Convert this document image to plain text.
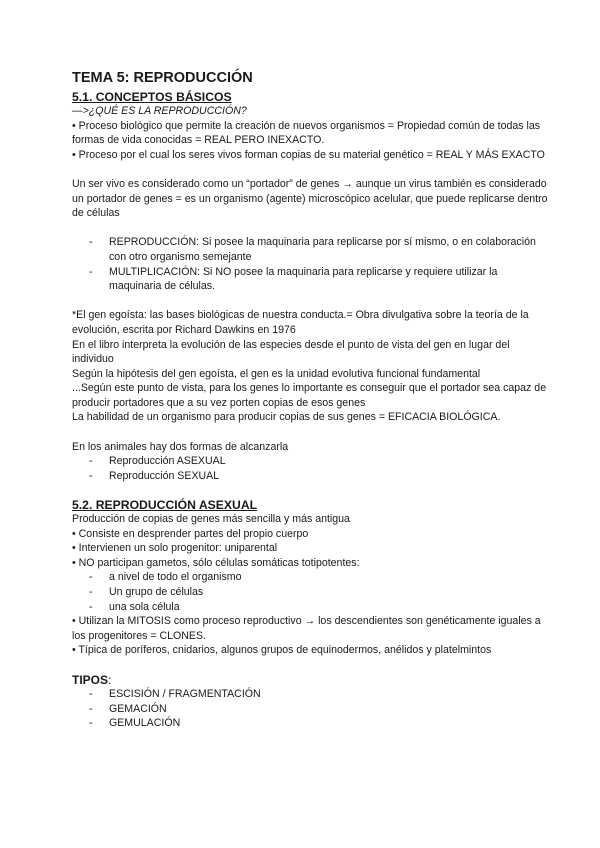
TEMA 5: REPRODUCCIÓN
5.1. CONCEPTOS BÁSICOS

—>¿QUÉ ES LA REPRODUCCIÓN?

• Proceso biológico que permite la creación de nuevos organismos = Propiedad común de todas las formas de vida conocidas = REAL PERO INEXACTO.

• Proceso por el cual los seres vivos forman copias de su material genético = REAL Y MÁS EXACTO

Un ser vivo es considerado como un “portador” de genes → aunque un virus también es considerado un portador de genes = es un organismo (agente) microscópico acelular, que puede replicarse dentro de células

- REPRODUCCIÓN: Si posee la maquinaria para replicarse por sí mismo, o en colaboración con otro organismo semejante
- MULTIPLICACIÓN: Si NO posee la maquinaria para replicarse y requiere utilizar la maquinaria de células.

*El gen egoísta: las bases biológicas de nuestra conducta.= Obra divulgativa sobre la teoría de la evolución, escrita por Richard Dawkins en 1976

En el libro interpreta la evolución de las especies desde el punto de vista del gen en lugar del individuo

Según la hipótesis del gen egoísta, el gen es la unidad evolutiva funcional fundamental

...Según este punto de vista, para los genes lo importante es conseguir que el portador sea capaz de producir portadores que a su vez porten copias de esos genes

La habilidad de un organismo para producir copias de sus genes = EFICACIA BIOLÓGICA.

En los animales hay dos formas de alcanzarla

- Reproducción ASEXUAL
- Reproducción SEXUAL
5.2. REPRODUCCIÓN ASEXUAL

Producción de copias de genes más sencilla y más antigua

• Consiste en desprender partes del propio cuerpo

• Intervienen un solo progenitor: uniparental

• NO participan gametos, sólo células somáticas totipotentes:

- a nivel de todo el organismo
- Un grupo de células
- una sola célula

• Utilizan la MITOSIS como proceso reproductivo → los descendientes son genéticamente iguales a los progenitores = CLONES.

• Típica de poríferos, cnidarios, algunos grupos de equinodermos, anélidos y platelmintos

TIPOS:

- ESCISIÓN / FRAGMENTACIÓN
- GEMACIÓN
- GEMULACIÓN
